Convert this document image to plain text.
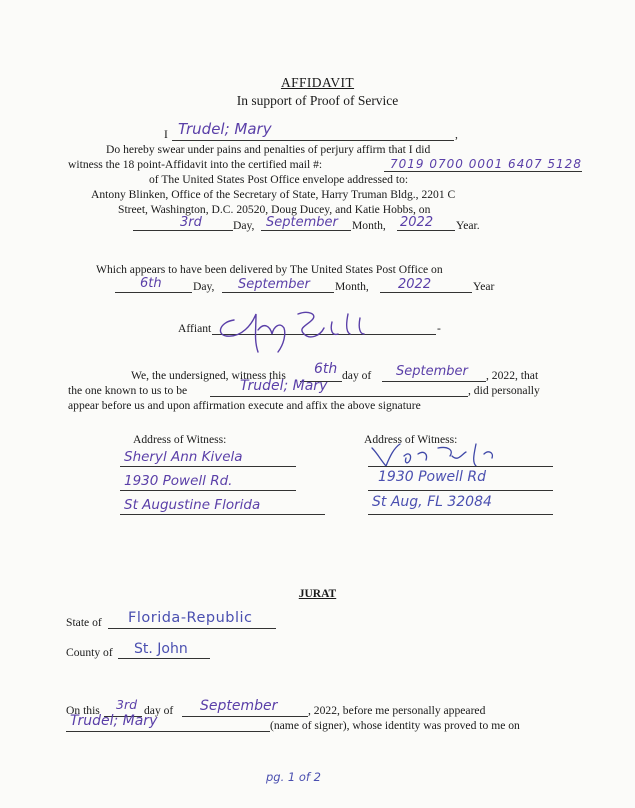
AFFIDAVIT
In support of Proof of Service
I Trudel; Mary	,
Do hereby swear under pains and penalties of perjury affirm that I did
witness the 18 point-Affidavit into the certified mail #:	7019 0700 0001 6407 5128
of The United States Post Office envelope addressed to:
Antony Blinken, Office of the Secretary of State, Harry Truman Bldg., 2201 C
Street, Washington, D.C. 20520, Doug Ducey, and Katie Hobbs, on
3rd	Day, September Month, 2022 Year.
Which appears to have been delivered by The United States Post Office on
6th	Day, September Month, 2022	Year
Affiant	-
We, the undersigned, witness this 6th day of September , 2022, that
the one known to us to be	Trudel; Mary	, did personally
appear before us and upon affirmation execute and affix the above signature
Address of Witness:
Sheryl Ann Kivela
1930 Powell Rd.
St Augustine Florida
Address of Witness:
1930 Powell Rd
St Aug, FL 32084
JURAT
State of Florida-Republic
County of St. John
On this 3rd day of September	, 2022, before me personally appeared
Trudel; Mary	(name of signer), whose identity was proved to me on
pg. 1 of 2
